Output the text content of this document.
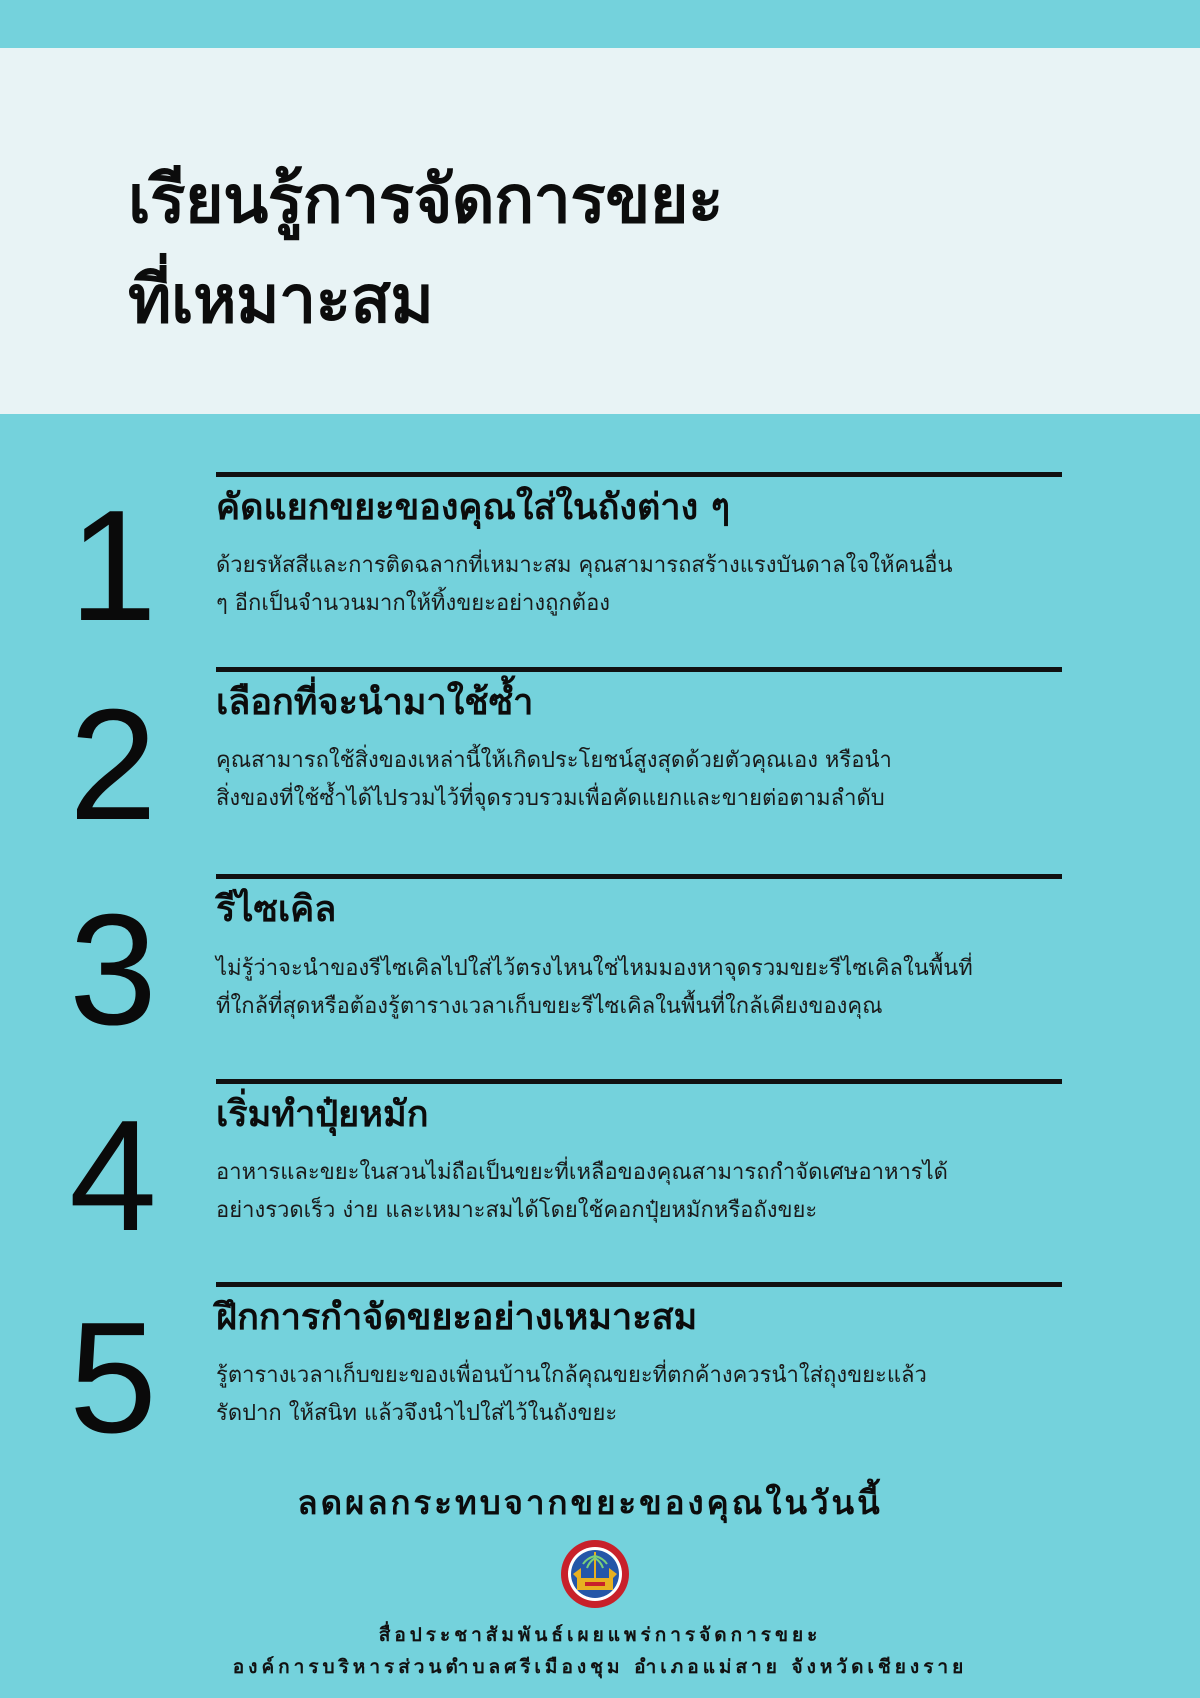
เรียนรู้การจัดการขยะ
ที่เหมาะสม
1	คัดแยกขยะของคุณใส่ในถังต่าง ๆ

ด้วยรหัสสีและการติดฉลากที่เหมาะสม คุณสามารถสร้างแรงบันดาลใจให้คนอื่น
ๆ อีกเป็นจำนวนมากให้ทิ้งขยะอย่างถูกต้อง

2	เลือกที่จะนำมาใช้ซ้ำ

คุณสามารถใช้สิ่งของเหล่านี้ให้เกิดประโยชน์สูงสุดด้วยตัวคุณเอง หรือนำ
สิ่งของที่ใช้ซ้ำได้ไปรวมไว้ที่จุดรวบรวมเพื่อคัดแยกและขายต่อตามลำดับ

3	รีไซเคิล

ไม่รู้ว่าจะนำของรีไซเคิลไปใส่ไว้ตรงไหนใช่ไหมมองหาจุดรวมขยะรีไซเคิลในพื้นที่
ที่ใกล้ที่สุดหรือต้องรู้ตารางเวลาเก็บขยะรีไซเคิลในพื้นที่ใกล้เคียงของคุณ

4	เริ่มทำปุ๋ยหมัก

อาหารและขยะในสวนไม่ถือเป็นขยะที่เหลือของคุณสามารถกำจัดเศษอาหารได้
อย่างรวดเร็ว ง่าย และเหมาะสมได้โดยใช้คอกปุ๋ยหมักหรือถังขยะ

5	ฝึกการกำจัดขยะอย่างเหมาะสม

รู้ตารางเวลาเก็บขยะของเพื่อนบ้านใกล้คุณขยะที่ตกค้างควรนำใส่ถุงขยะแล้ว
รัดปาก ให้สนิท แล้วจึงนำไปใส่ไว้ในถังขยะ

ลดผลกระทบจากขยะของคุณในวันนี้
สื่อประชาสัมพันธ์เผยแพร่การจัดการขยะ
องค์การบริหารส่วนตำบลศรีเมืองชุม อำเภอแม่สาย จังหวัดเชียงราย
